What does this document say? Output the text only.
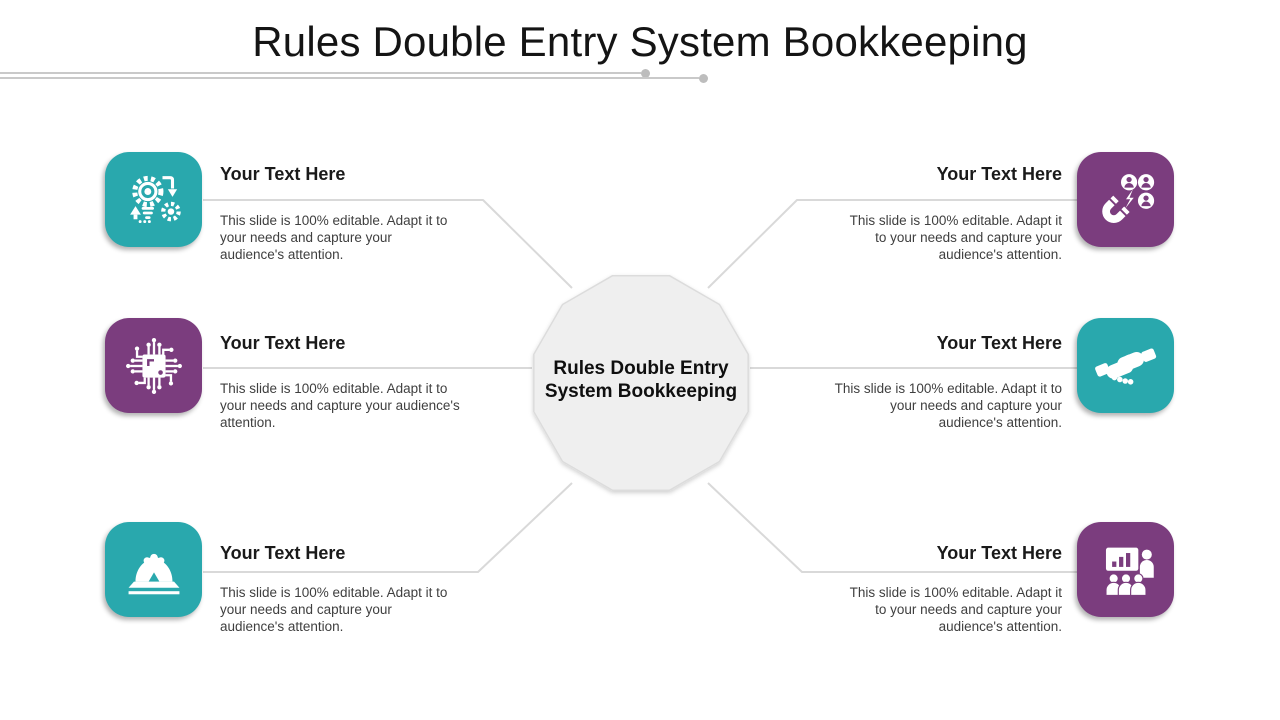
Rules Double Entry System Bookkeeping
Rules Double Entry
System Bookkeeping
Your Text Here
This slide is 100% editable. Adapt it to your needs and capture your audience's attention.
Your Text Here
This slide is 100% editable. Adapt it to your needs and capture your audience's attention.
Your Text Here
This slide is 100% editable. Adapt it to your needs and capture your audience's attention.
Your Text Here
This slide is 100% editable. Adapt it to your needs and capture your audience's attention.
Your Text Here
This slide is 100% editable. Adapt it to your needs and capture your audience's attention.
Your Text Here
This slide is 100% editable. Adapt it to your needs and capture your audience's attention.
